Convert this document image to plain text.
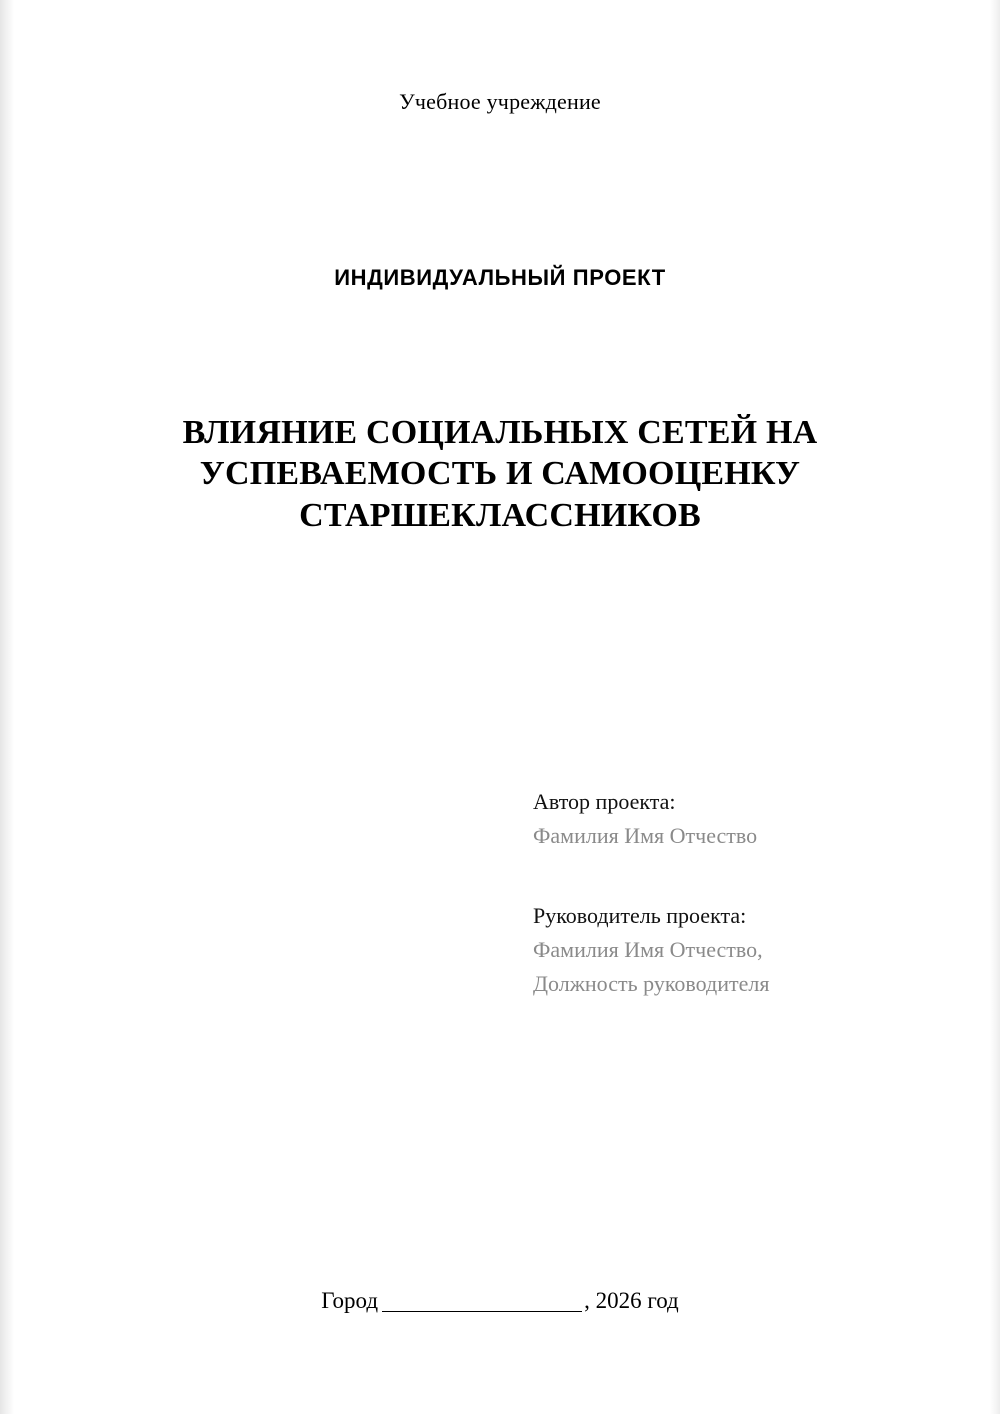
Учебное учреждение
ИНДИВИДУАЛЬНЫЙ ПРОЕКТ
ВЛИЯНИЕ СОЦИАЛЬНЫХ СЕТЕЙ НА УСПЕВАЕМОСТЬ И САМООЦЕНКУ СТАРШЕКЛАССНИКОВ
Автор проекта:
Фамилия Имя Отчество
Руководитель проекта:
Фамилия Имя Отчество,
Должность руководителя
Город	, 2026 год
